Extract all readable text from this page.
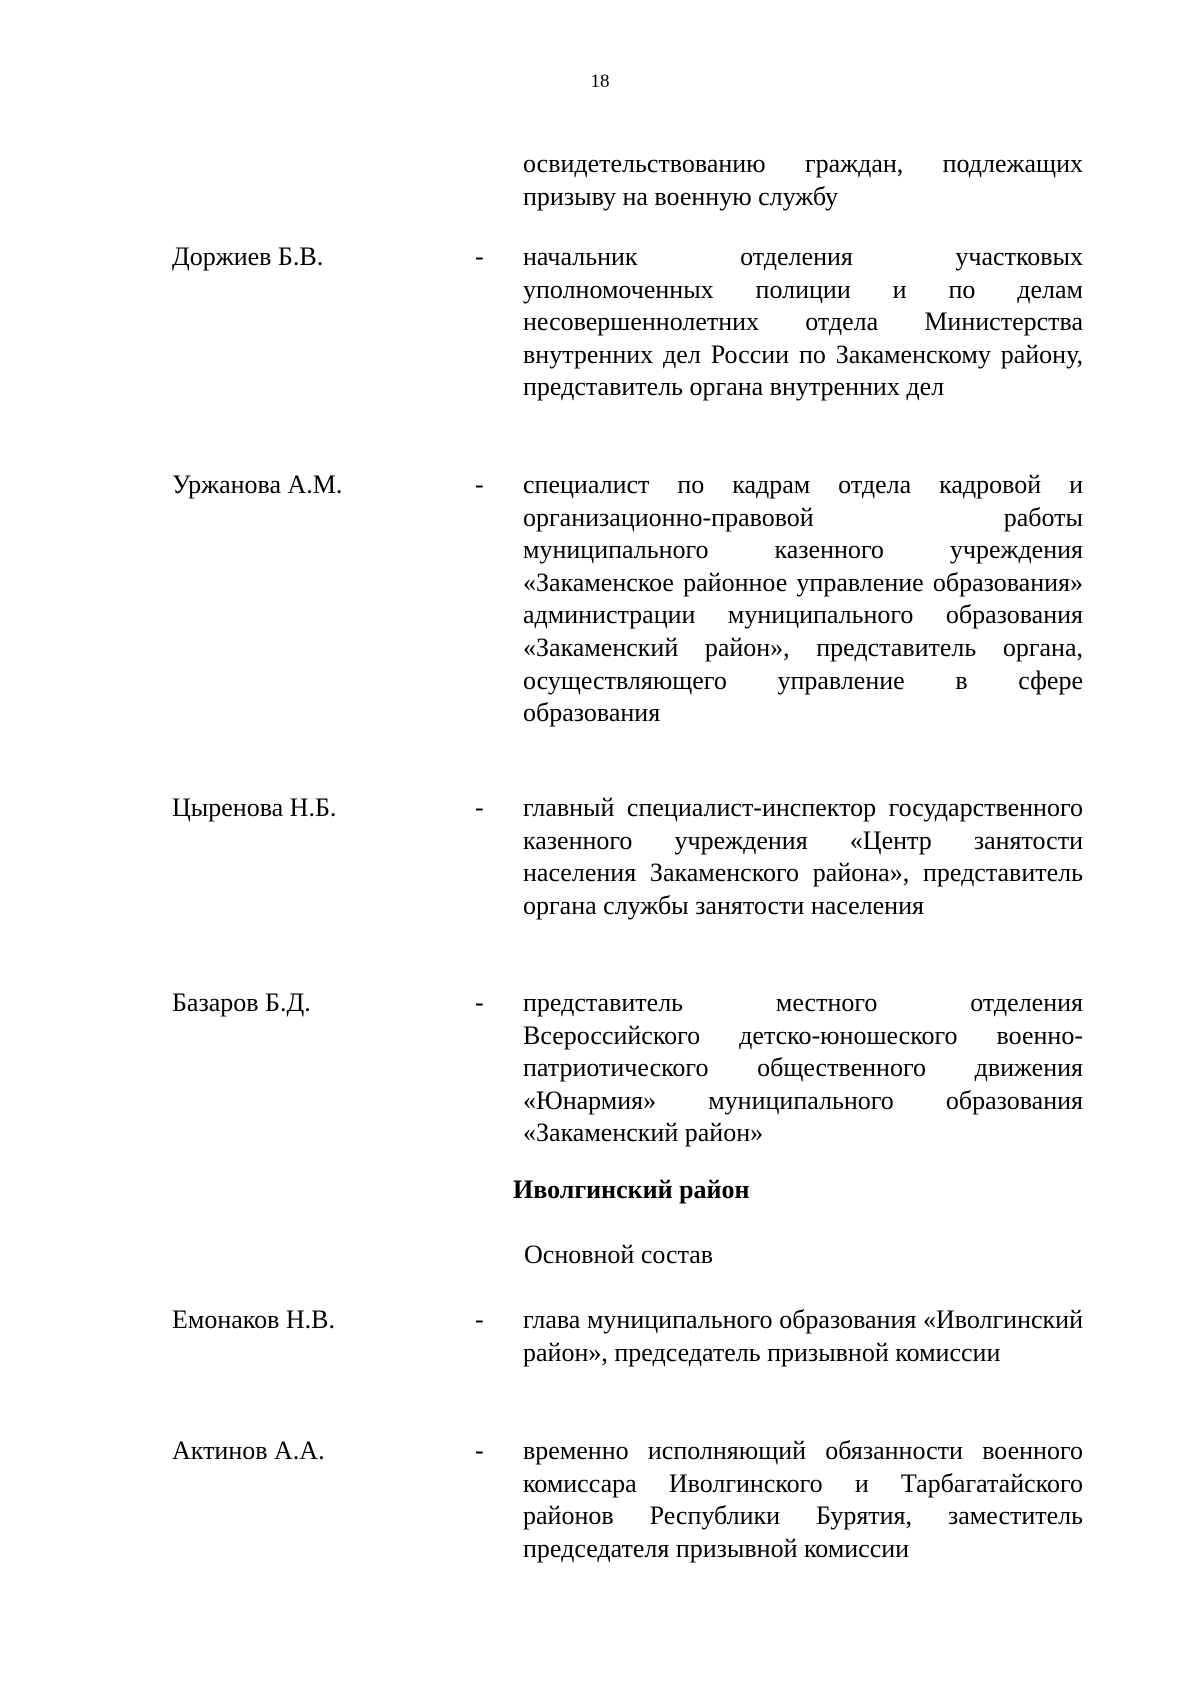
18
освидетельствованию граждан, подлежащих призыву на военную службу
Доржиев Б.В.	- начальник отделения участковых уполномоченных полиции и по делам несовершеннолетних отдела Министерства внутренних дел России по Закаменскому району, представитель органа внутренних дел
Уржанова А.М.	- специалист по кадрам отдела кадровой и организационно-правовой работы муниципального казенного учреждения «Закаменское районное управление образования» администрации муниципального образования «Закаменский район», представитель органа, осуществляющего управление в сфере образования
Цыренова Н.Б.	- главный специалист-инспектор государственного казенного учреждения «Центр занятости населения Закаменского района», представитель органа службы занятости населения
Базаров Б.Д.	- представитель местного отделения Всероссийского детско-юношеского военно-патриотического общественного движения «Юнармия» муниципального образования «Закаменский район»
Иволгинский район
Основной состав
Емонаков Н.В.	- глава муниципального образования «Иволгинский район», председатель призывной комиссии
Актинов А.А.	- временно исполняющий обязанности военного комиссара Иволгинского и Тарбагатайского районов Республики Бурятия, заместитель председателя призывной комиссии
